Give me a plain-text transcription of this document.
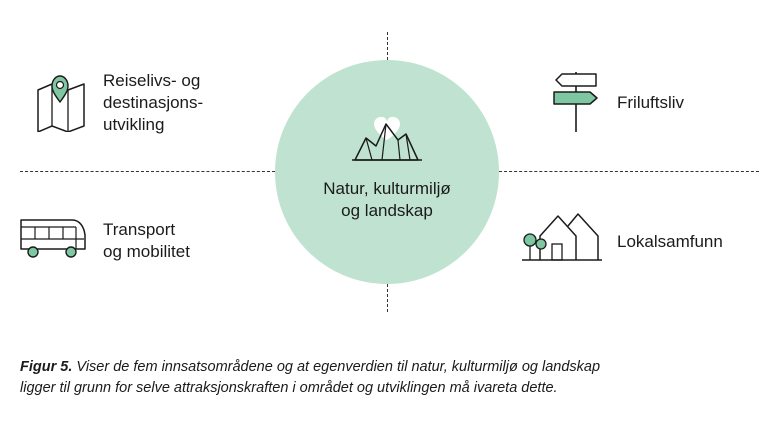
Natur, kulturmiljø
og landskap
Reiselivs- og
destinasjons-
utvikling
Friluftsliv
Transport
og mobilitet
Lokalsamfunn
Figur 5. Viser de fem innsatsområdene og at egenverdien til natur, kulturmiljø og landskap
ligger til grunn for selve attraksjonskraften i området og utviklingen må ivareta dette.
